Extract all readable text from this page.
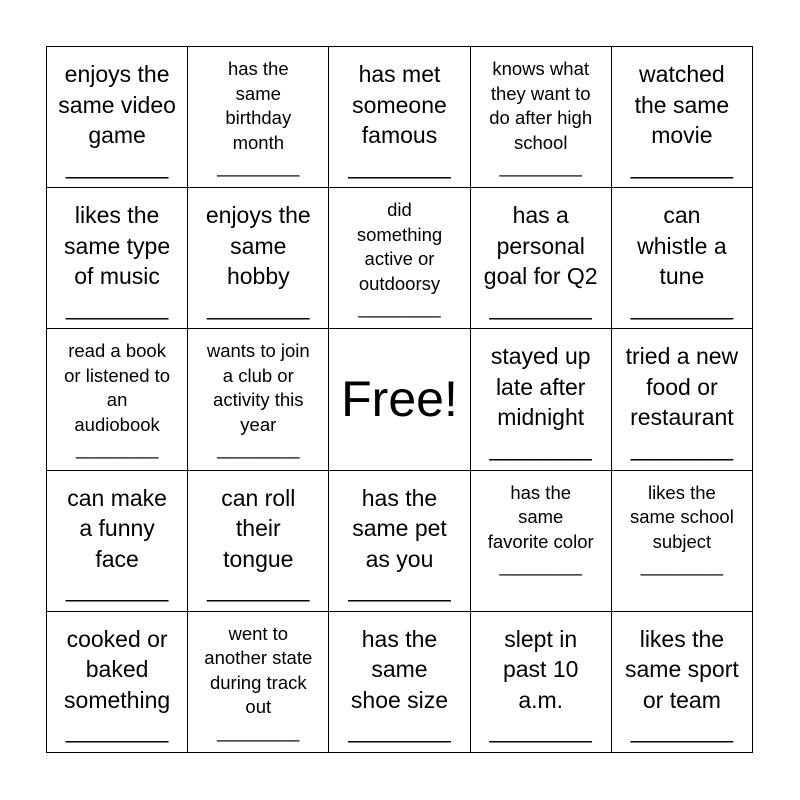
enjoys the
same video
game
________
has the
same
birthday
month
________
has met
someone
famous
________
knows what
they want to
do after high
school
________
watched
the same
movie
________
likes the
same type
of music
________
enjoys the
same
hobby
________
did
something
active or
outdoorsy
________
has a
personal
goal for Q2
________
can
whistle a
tune
________
read a book
or listened to
an
audiobook
________
wants to join
a club or
activity this
year
________
Free!
stayed up
late after
midnight
________
tried a new
food or
restaurant
________
can make
a funny
face
________
can roll
their
tongue
________
has the
same pet
as you
________
has the
same
favorite color
________
likes the
same school
subject
________
cooked or
baked
something
________
went to
another state
during track
out
________
has the
same
shoe size
________
slept in
past 10
a.m.
________
likes the
same sport
or team
________
